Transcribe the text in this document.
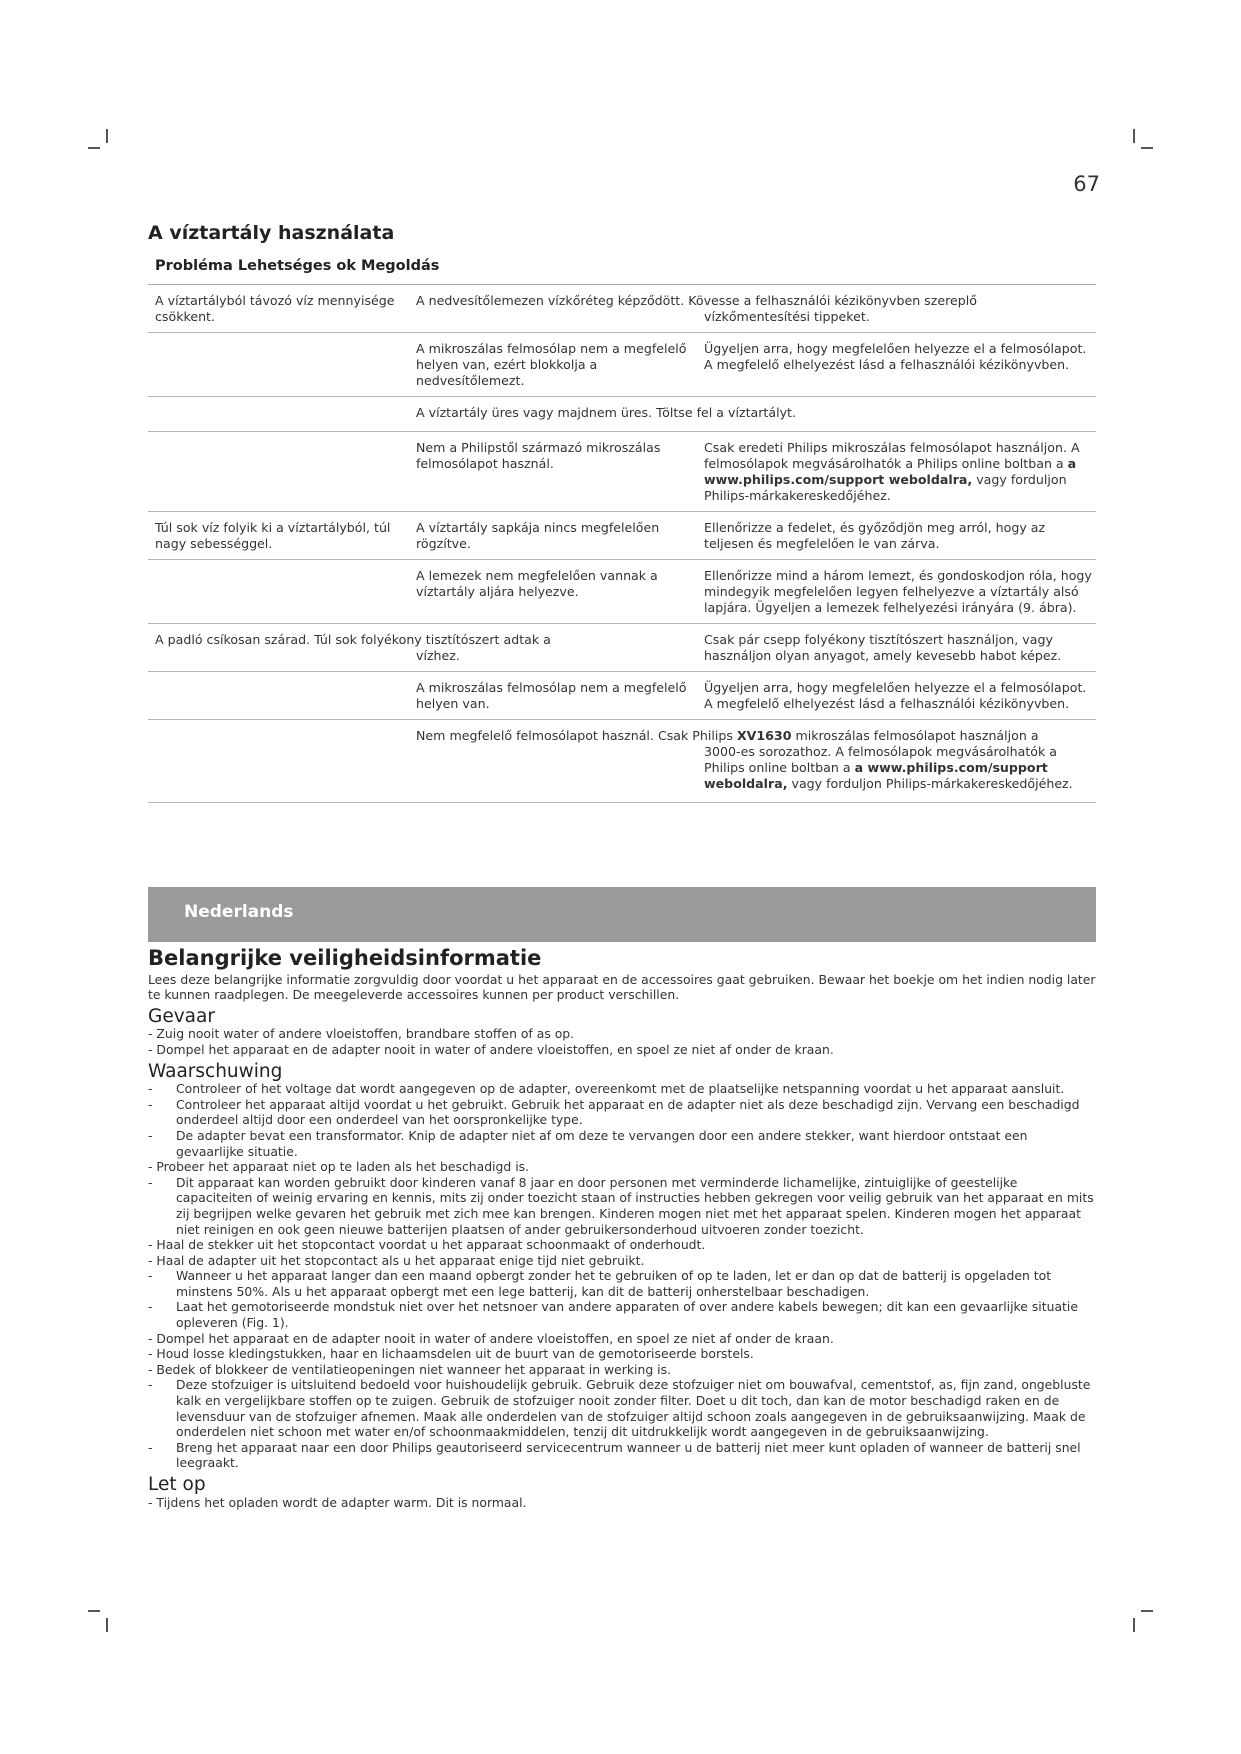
67
A víztartály használata
Probléma Lehetséges ok Megoldás
A víztartályból távozó víz mennyisége csökkent.
A nedvesítőlemezen vízkőréteg képződött. Kövesse a felhasználói kézikönyvben szereplő
vízkőmentesítési tippeket.
A mikroszálas felmosólap nem a megfelelő helyen van, ezért blokkolja a nedvesítőlemezt.
Ügyeljen arra, hogy megfelelően helyezze el a felmosólapot. A megfelelő elhelyezést lásd a felhasználói kézikönyvben.
A víztartály üres vagy majdnem üres. Töltse fel a víztartályt.
Nem a Philipstől származó mikroszálas felmosólapot használ.
Csak eredeti Philips mikroszálas felmosólapot használjon. A felmosólapok megvásárolhatók a Philips online boltban a a www.philips.com/support weboldalra, vagy forduljon Philips-márkakereskedőjéhez.
Túl sok víz folyik ki a víztartályból, túl nagy sebességgel.
A víztartály sapkája nincs megfelelően rögzítve.
Ellenőrizze a fedelet, és győződjön meg arról, hogy az teljesen és megfelelően le van zárva.
A lemezek nem megfelelően vannak a víztartály aljára helyezve.
Ellenőrizze mind a három lemezt, és gondoskodjon róla, hogy mindegyik megfelelően legyen felhelyezve a víztartály alsó lapjára. Ügyeljen a lemezek felhelyezési irányára (9. ábra).
A padló csíkosan szárad. Túl sok folyékony tisztítószert adtak a
vízhez.
Csak pár csepp folyékony tisztítószert használjon, vagy használjon olyan anyagot, amely kevesebb habot képez.
A mikroszálas felmosólap nem a megfelelő helyen van.
Ügyeljen arra, hogy megfelelően helyezze el a felmosólapot. A megfelelő elhelyezést lásd a felhasználói kézikönyvben.
Nem megfelelő felmosólapot használ. Csak Philips XV1630 mikroszálas felmosólapot használjon a
3000-es sorozathoz. A felmosólapok megvásárolhatók a
Philips online boltban a a www.philips.com/support weboldalra, vagy forduljon Philips-márkakereskedőjéhez.
Nederlands
Belangrijke veiligheidsinformatie

Lees deze belangrijke informatie zorgvuldig door voordat u het apparaat en de accessoires gaat gebruiken. Bewaar het boekje om het indien nodig later te kunnen raadplegen. De meegeleverde accessoires kunnen per product verschillen.

Gevaar

- Zuig nooit water of andere vloeistoffen, brandbare stoffen of as op.

- Dompel het apparaat en de adapter nooit in water of andere vloeistoffen, en spoel ze niet af onder de kraan.

Waarschuwing

- Controleer of het voltage dat wordt aangegeven op de adapter, overeenkomt met de plaatselijke netspanning voordat u het apparaat aansluit.

- Controleer het apparaat altijd voordat u het gebruikt. Gebruik het apparaat en de adapter niet als deze beschadigd zijn. Vervang een beschadigd onderdeel altijd door een onderdeel van het oorspronkelijke type.

- De adapter bevat een transformator. Knip de adapter niet af om deze te vervangen door een andere stekker, want hierdoor ontstaat een gevaarlijke situatie.

- Probeer het apparaat niet op te laden als het beschadigd is.

- Dit apparaat kan worden gebruikt door kinderen vanaf 8 jaar en door personen met verminderde lichamelijke, zintuiglijke of geestelijke capaciteiten of weinig ervaring en kennis, mits zij onder toezicht staan of instructies hebben gekregen voor veilig gebruik van het apparaat en mits zij begrijpen welke gevaren het gebruik met zich mee kan brengen. Kinderen mogen niet met het apparaat spelen. Kinderen mogen het apparaat niet reinigen en ook geen nieuwe batterijen plaatsen of ander gebruikersonderhoud uitvoeren zonder toezicht.

- Haal de stekker uit het stopcontact voordat u het apparaat schoonmaakt of onderhoudt.

- Haal de adapter uit het stopcontact als u het apparaat enige tijd niet gebruikt.

- Wanneer u het apparaat langer dan een maand opbergt zonder het te gebruiken of op te laden, let er dan op dat de batterij is opgeladen tot minstens 50%. Als u het apparaat opbergt met een lege batterij, kan dit de batterij onherstelbaar beschadigen.

- Laat het gemotoriseerde mondstuk niet over het netsnoer van andere apparaten of over andere kabels bewegen; dit kan een gevaarlijke situatie opleveren (Fig. 1).

- Dompel het apparaat en de adapter nooit in water of andere vloeistoffen, en spoel ze niet af onder de kraan.

- Houd losse kledingstukken, haar en lichaamsdelen uit de buurt van de gemotoriseerde borstels.

- Bedek of blokkeer de ventilatieopeningen niet wanneer het apparaat in werking is.

- Deze stofzuiger is uitsluitend bedoeld voor huishoudelijk gebruik. Gebruik deze stofzuiger niet om bouwafval, cementstof, as, fijn zand, ongebluste kalk en vergelijkbare stoffen op te zuigen. Gebruik de stofzuiger nooit zonder filter. Doet u dit toch, dan kan de motor beschadigd raken en de levensduur van de stofzuiger afnemen. Maak alle onderdelen van de stofzuiger altijd schoon zoals aangegeven in de gebruiksaanwijzing. Maak de onderdelen niet schoon met water en/of schoonmaakmiddelen, tenzij dit uitdrukkelijk wordt aangegeven in de gebruiksaanwijzing.

- Breng het apparaat naar een door Philips geautoriseerd servicecentrum wanneer u de batterij niet meer kunt opladen of wanneer de batterij snel leegraakt.

Let op

- Tijdens het opladen wordt de adapter warm. Dit is normaal.
